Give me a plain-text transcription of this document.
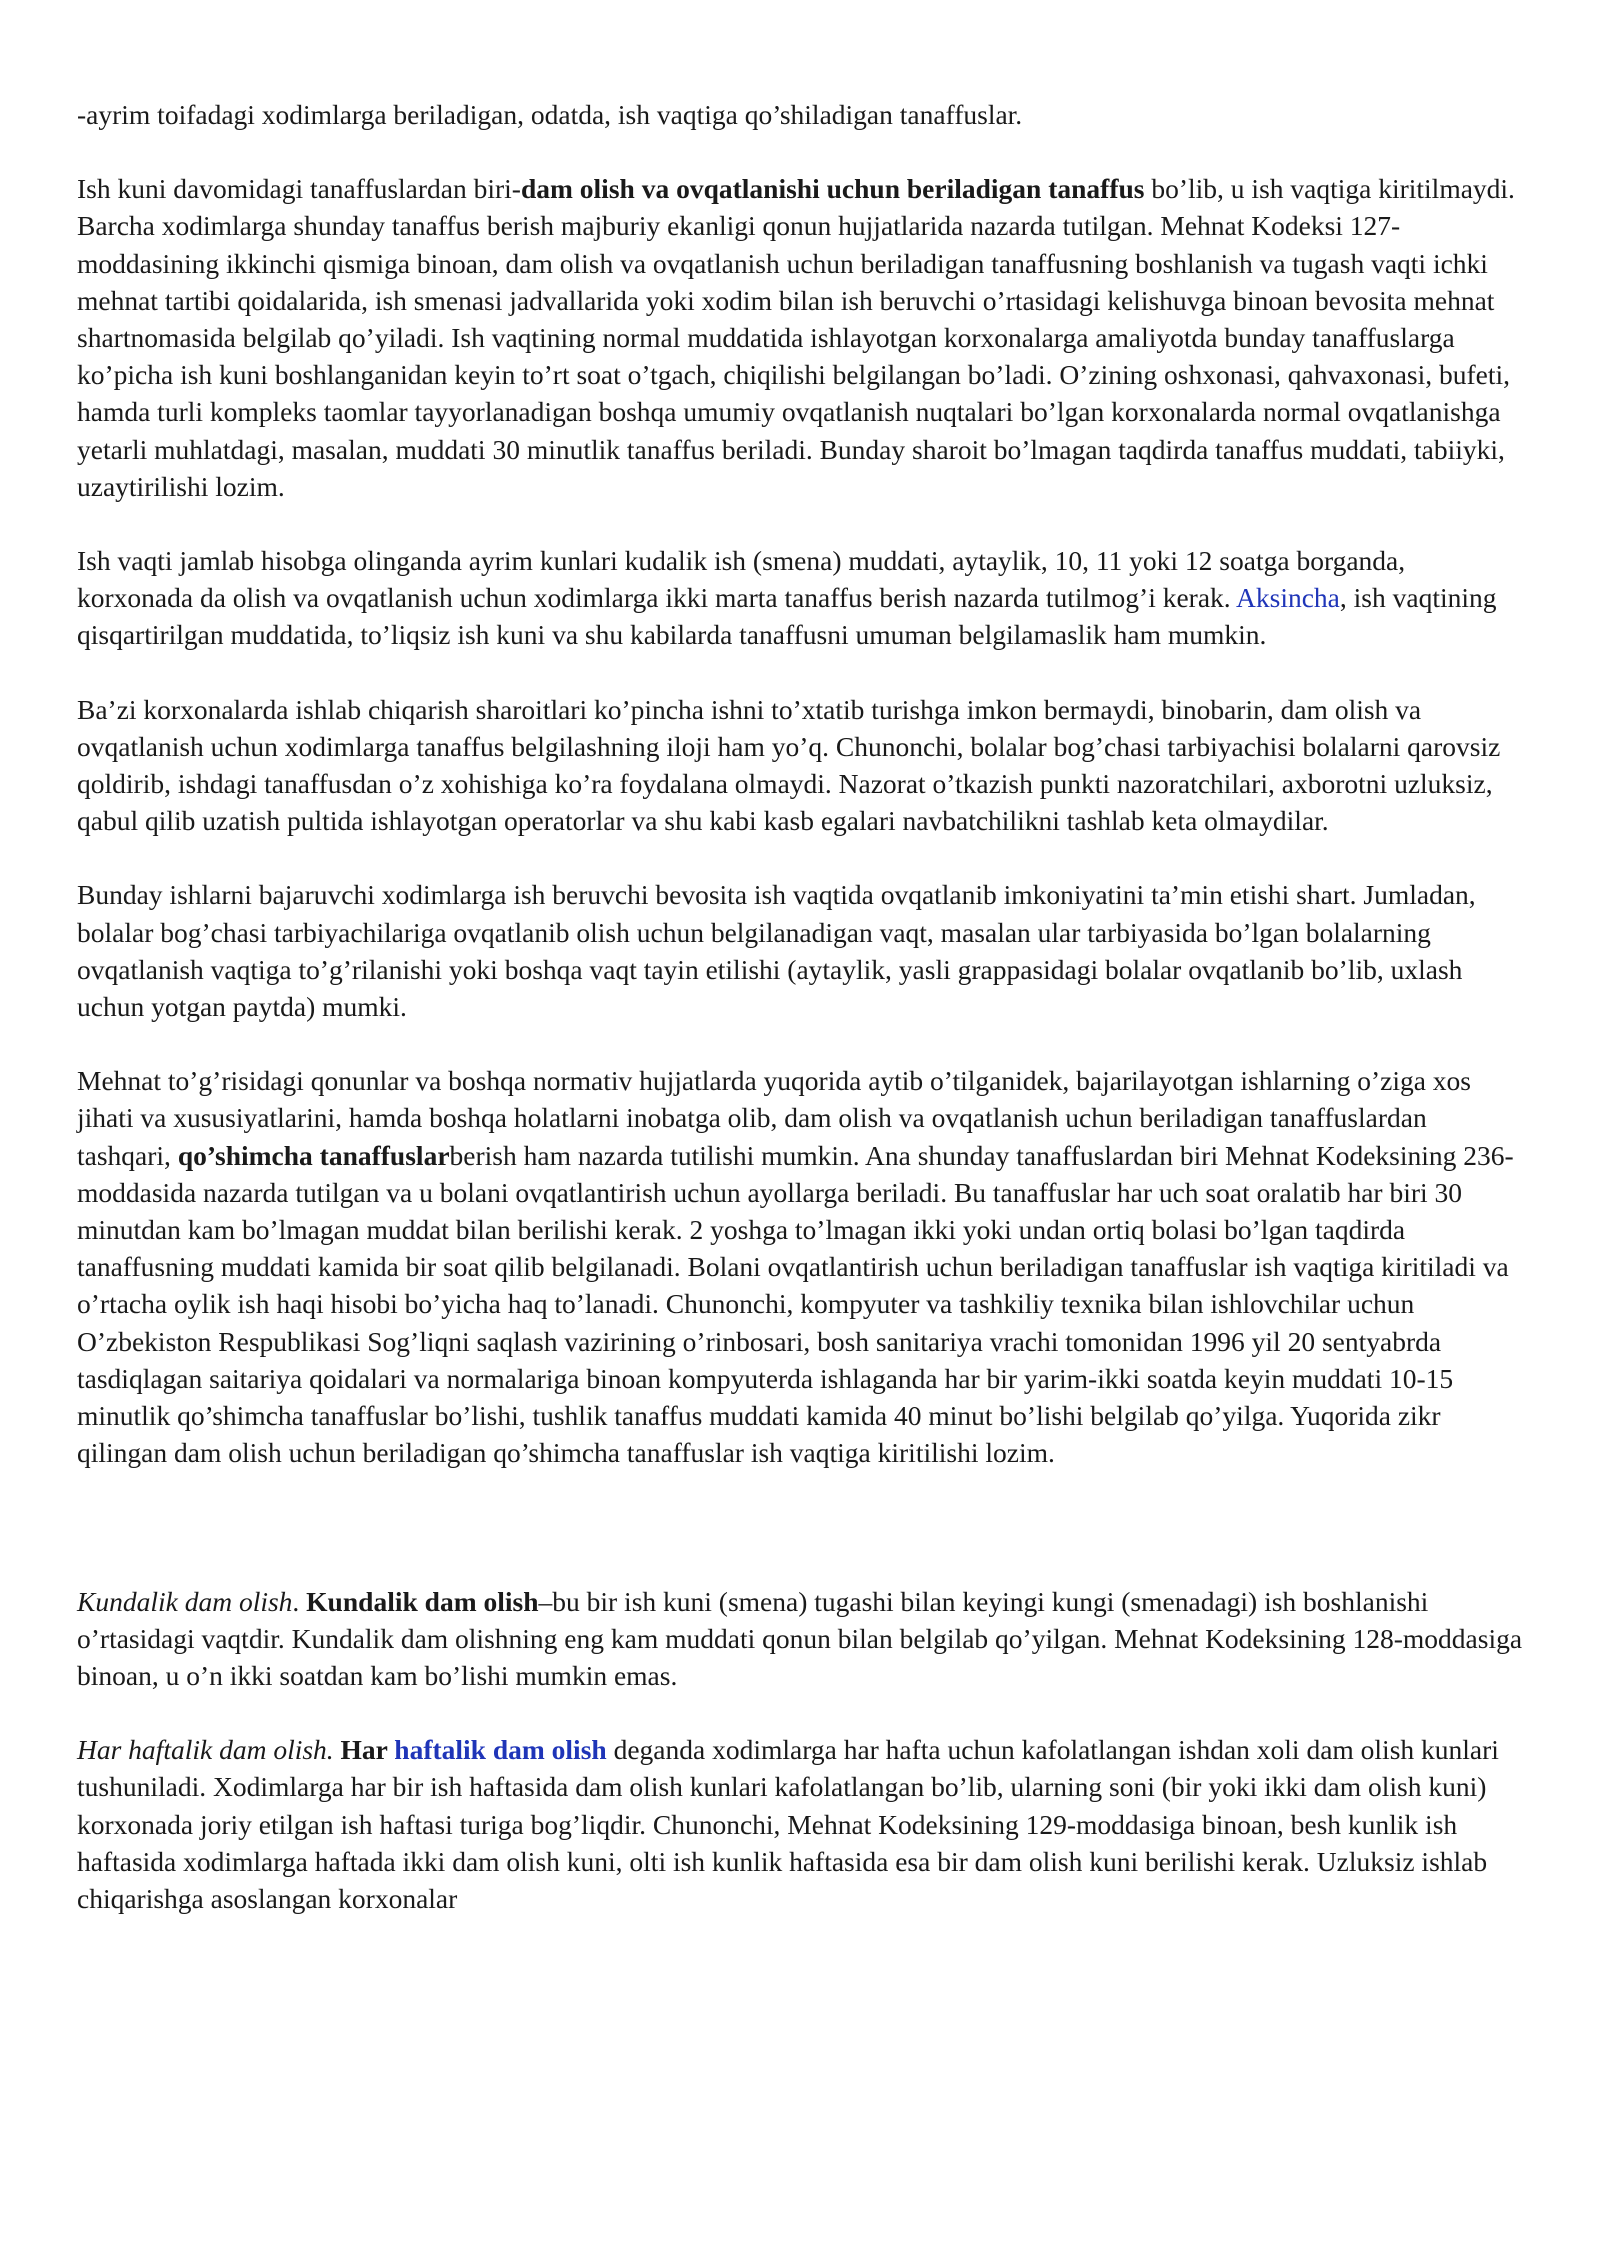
-ayrim toifadagi xodimlarga beriladigan, odatda, ish vaqtiga qo’shiladigan tanaffuslar.

Ish kuni davomidagi tanaffuslardan biri-dam olish va ovqatlanishi uchun beriladigan tanaffus bo’lib, u ish vaqtiga kiritilmaydi. Barcha xodimlarga shunday tanaffus berish majburiy ekanligi qonun hujjatlarida nazarda tutilgan. Mehnat Kodeksi 127-moddasining ikkinchi qismiga binoan, dam olish va ovqatlanish uchun beriladigan tanaffusning boshlanish va tugash vaqti ichki mehnat tartibi qoidalarida, ish smenasi jadvallarida yoki xodim bilan ish beruvchi o’rtasidagi kelishuvga binoan bevosita mehnat shartnomasida belgilab qo’yiladi. Ish vaqtining normal muddatida ishlayotgan korxonalarga amaliyotda bunday tanaffuslarga ko’picha ish kuni boshlanganidan keyin to’rt soat o’tgach, chiqilishi belgilangan bo’ladi. O’zining oshxonasi, qahvaxonasi, bufeti, hamda turli kompleks taomlar tayyorlanadigan boshqa umumiy ovqatlanish nuqtalari bo’lgan korxonalarda normal ovqatlanishga yetarli muhlatdagi, masalan, muddati 30 minutlik tanaffus beriladi. Bunday sharoit bo’lmagan taqdirda tanaffus muddati, tabiiyki, uzaytirilishi lozim.

Ish vaqti jamlab hisobga olinganda ayrim kunlari kudalik ish (smena) muddati, aytaylik, 10, 11 yoki 12 soatga borganda, korxonada da olish va ovqatlanish uchun xodimlarga ikki marta tanaffus berish nazarda tutilmog’i kerak. Aksincha, ish vaqtining qisqartirilgan muddatida, to’liqsiz ish kuni va shu kabilarda tanaffusni umuman belgilamaslik ham mumkin.

Ba’zi korxonalarda ishlab chiqarish sharoitlari ko’pincha ishni to’xtatib turishga imkon bermaydi, binobarin, dam olish va ovqatlanish uchun xodimlarga tanaffus belgilashning iloji ham yo’q. Chunonchi, bolalar bog’chasi tarbiyachisi bolalarni qarovsiz qoldirib, ishdagi tanaffusdan o’z xohishiga ko’ra foydalana olmaydi. Nazorat o’tkazish punkti nazoratchilari, axborotni uzluksiz, qabul qilib uzatish pultida ishlayotgan operatorlar va shu kabi kasb egalari navbatchilikni tashlab keta olmaydilar.

Bunday ishlarni bajaruvchi xodimlarga ish beruvchi bevosita ish vaqtida ovqatlanib imkoniyatini ta’min etishi shart. Jumladan, bolalar bog’chasi tarbiyachilariga ovqatlanib olish uchun belgilanadigan vaqt, masalan ular tarbiyasida bo’lgan bolalarning ovqatlanish vaqtiga to’g’rilanishi yoki boshqa vaqt tayin etilishi (aytaylik, yasli grappasidagi bolalar ovqatlanib bo’lib, uxlash uchun yotgan paytda) mumki.

Mehnat to’g’risidagi qonunlar va boshqa normativ hujjatlarda yuqorida aytib o’tilganidek, bajarilayotgan ishlarning o’ziga xos jihati va xususiyatlarini, hamda boshqa holatlarni inobatga olib, dam olish va ovqatlanish uchun beriladigan tanaffuslardan tashqari, qo’shimcha tanaffuslarberish ham nazarda tutilishi mumkin. Ana shunday tanaffuslardan biri Mehnat Kodeksining 236-moddasida nazarda tutilgan va u bolani ovqatlantirish uchun ayollarga beriladi. Bu tanaffuslar har uch soat oralatib har biri 30 minutdan kam bo’lmagan muddat bilan berilishi kerak. 2 yoshga to’lmagan ikki yoki undan ortiq bolasi bo’lgan taqdirda tanaffusning muddati kamida bir soat qilib belgilanadi. Bolani ovqatlantirish uchun beriladigan tanaffuslar ish vaqtiga kiritiladi va o’rtacha oylik ish haqi hisobi bo’yicha haq to’lanadi. Chunonchi, kompyuter va tashkiliy texnika bilan ishlovchilar uchun O’zbekiston Respublikasi Sog’liqni saqlash vazirining o’rinbosari, bosh sanitariya vrachi tomonidan 1996 yil 20 sentyabrda tasdiqlagan saitariya qoidalari va normalariga binoan kompyuterda ishlaganda har bir yarim-ikki soatda keyin muddati 10-15 minutlik qo’shimcha tanaffuslar bo’lishi, tushlik tanaffus muddati kamida 40 minut bo’lishi belgilab qo’yilga. Yuqorida zikr qilingan dam olish uchun beriladigan qo’shimcha tanaffuslar ish vaqtiga kiritilishi lozim.

Kundalik dam olish. Kundalik dam olish–bu bir ish kuni (smena) tugashi bilan keyingi kungi (smenadagi) ish boshlanishi o’rtasidagi vaqtdir. Kundalik dam olishning eng kam muddati qonun bilan belgilab qo’yilgan. Mehnat Kodeksining 128-moddasiga binoan, u o’n ikki soatdan kam bo’lishi mumkin emas.

Har haftalik dam olish. Har haftalik dam olish deganda xodimlarga har hafta uchun kafolatlangan ishdan xoli dam olish kunlari tushuniladi. Xodimlarga har bir ish haftasida dam olish kunlari kafolatlangan bo’lib, ularning soni (bir yoki ikki dam olish kuni) korxonada joriy etilgan ish haftasi turiga bog’liqdir. Chunonchi, Mehnat Kodeksining 129-moddasiga binoan, besh kunlik ish haftasida xodimlarga haftada ikki dam olish kuni, olti ish kunlik haftasida esa bir dam olish kuni berilishi kerak. Uzluksiz ishlab chiqarishga asoslangan korxonalar
